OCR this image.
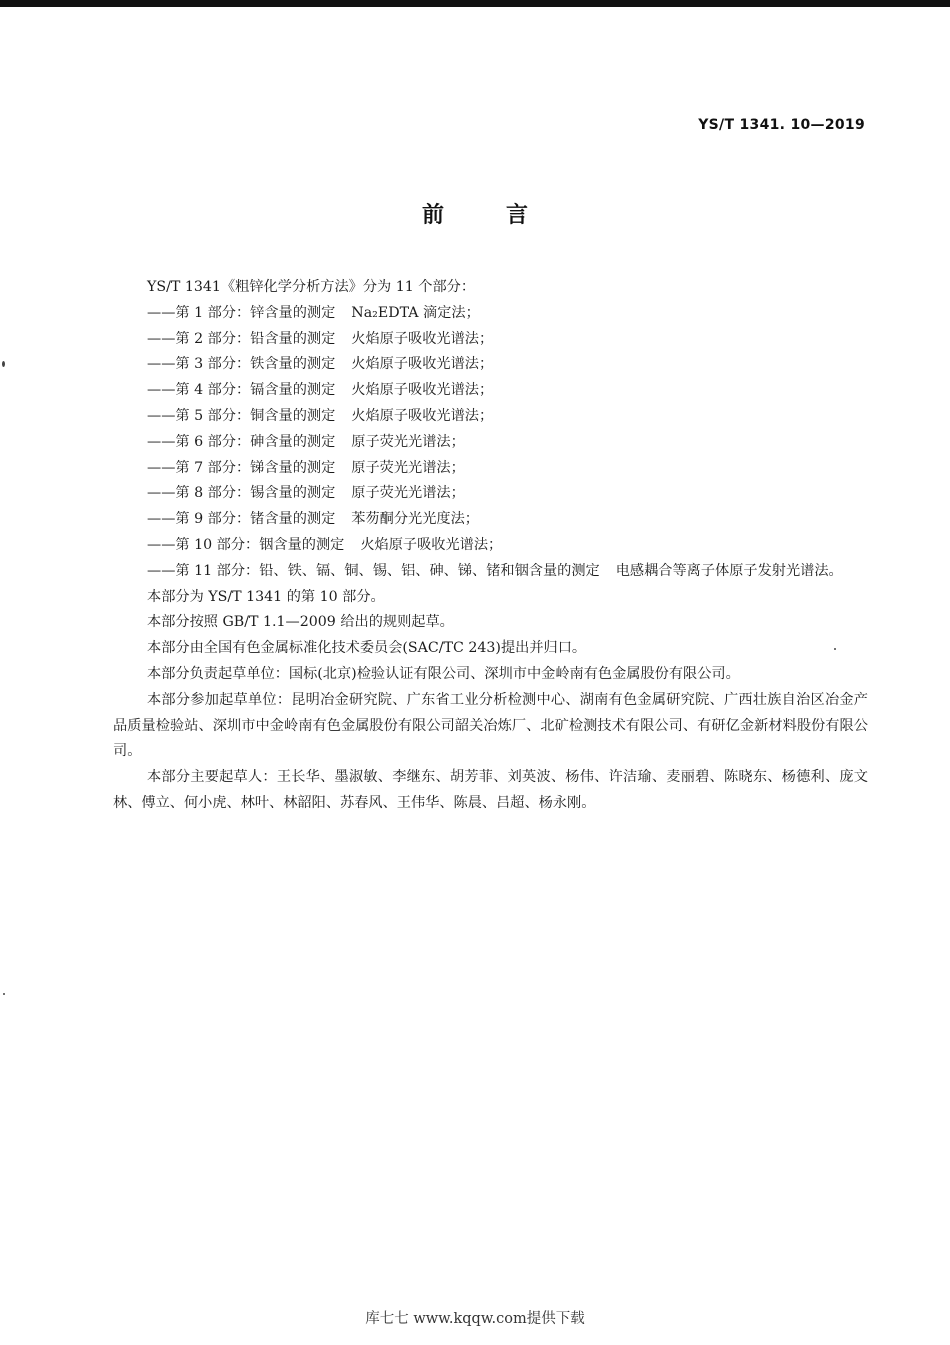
YS/T 1341. 10—2019
前言

YS/T 1341《粗锌化学分析方法》分为 11 个部分：

——第 1 部分：锌含量的测定 Na₂EDTA 滴定法；
——第 2 部分：铅含量的测定 火焰原子吸收光谱法；
——第 3 部分：铁含量的测定 火焰原子吸收光谱法；
——第 4 部分：镉含量的测定 火焰原子吸收光谱法；
——第 5 部分：铜含量的测定 火焰原子吸收光谱法；
——第 6 部分：砷含量的测定 原子荧光光谱法；
——第 7 部分：锑含量的测定 原子荧光光谱法；
——第 8 部分：锡含量的测定 原子荧光光谱法；
——第 9 部分：锗含量的测定 苯芴酮分光光度法；
——第 10 部分：铟含量的测定 火焰原子吸收光谱法；
——第 11 部分：铅、铁、镉、铜、锡、铝、砷、锑、锗和铟含量的测定 电感耦合等离子体原子发射光谱法。

本部分为 YS/T 1341 的第 10 部分。

本部分按照 GB/T 1.1—2009 给出的规则起草。

本部分由全国有色金属标准化技术委员会(SAC/TC 243)提出并归口。

本部分负责起草单位：国标(北京)检验认证有限公司、深圳市中金岭南有色金属股份有限公司。

本部分参加起草单位：昆明冶金研究院、广东省工业分析检测中心、湖南有色金属研究院、广西壮族自治区冶金产品质量检验站、深圳市中金岭南有色金属股份有限公司韶关冶炼厂、北矿检测技术有限公司、有研亿金新材料股份有限公司。

本部分主要起草人：王长华、墨淑敏、李继东、胡芳菲、刘英波、杨伟、许洁瑜、麦丽碧、陈晓东、杨德利、庞文林、傅立、何小虎、林叶、林韶阳、苏春风、王伟华、陈晨、吕超、杨永刚。

库七七 www.kqqw.com提供下载
